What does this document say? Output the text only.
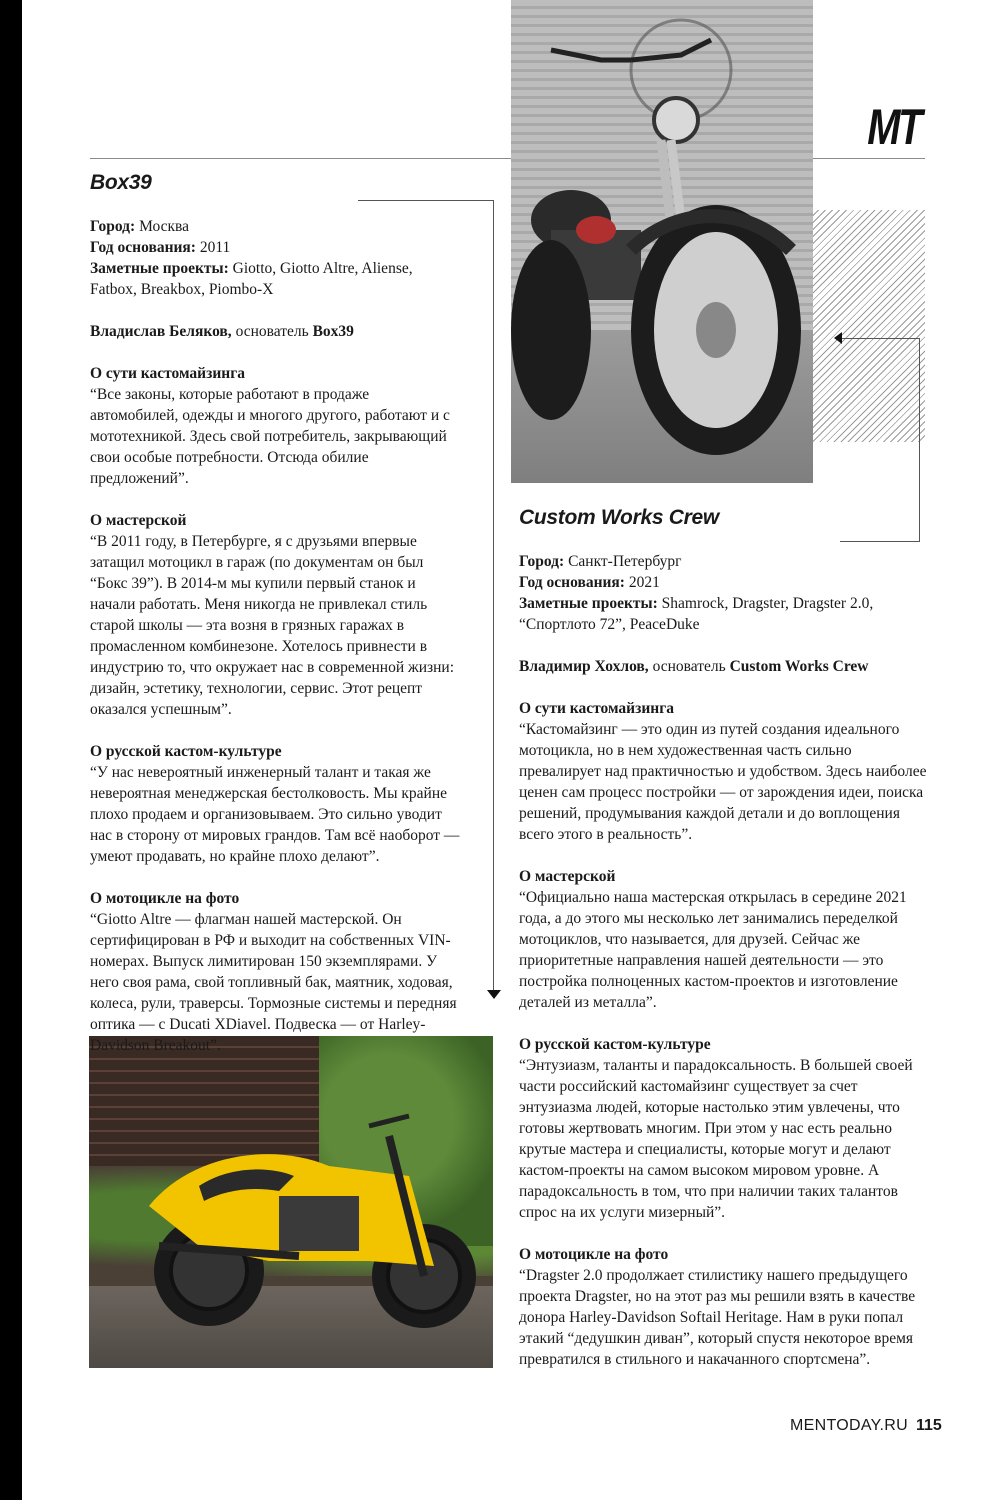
MT
Box39

Город: Москва

Год основания: 2011

Заметные проекты: Giotto, Giotto Altre, Aliense, Fatbox, Breakbox, Piombo-X

Владислав Беляков, основатель Box39

О сути кастомайзинга

“Все законы, которые работают в продаже автомобилей, одежды и многого другого, работают и с мототехникой. Здесь свой потребитель, закрывающий свои особые потребности. Отсюда обилие предложений”.

О мастерской

“В 2011 году, в Петербурге, я с друзьями впервые затащил мотоцикл в гараж (по документам он был “Бокс 39”). В 2014-м мы купили первый станок и начали работать. Меня никогда не привлекал стиль старой школы — эта возня в грязных гаражах в промасленном комбинезоне. Хотелось привнести в индустрию то, что окружает нас в современной жизни: дизайн, эстетику, технологии, сервис. Этот рецепт оказался успешным”.

О русской кастом-культуре

“У нас невероятный инженерный талант и такая же невероятная менеджерская бестолковость. Мы крайне плохо продаем и организовываем. Это сильно уводит нас в сторону от мировых грандов. Там всё наоборот — умеют продавать, но крайне плохо делают”.

О мотоцикле на фото

“Giotto Altre — флагман нашей мастерской. Он сертифицирован в РФ и выходит на собственных VIN-номерах. Выпуск лимитирован 150 экземплярами. У него своя рама, свой топливный бак, маятник, ходовая, колеса, рули, траверсы. Тормозные системы и передняя оптика — с Ducati XDiavel. Подвеска — от Harley-Davidson Breakout”.

Custom Works Crew

Город: Санкт-Петербург

Год основания: 2021

Заметные проекты: Shamrock, Dragster, Dragster 2.0, “Спортлото 72”, PeaceDuke

Владимир Хохлов, основатель Custom Works Crew

О сути кастомайзинга

“Кастомайзинг — это один из путей создания идеального мотоцикла, но в нем художественная часть сильно превалирует над практичностью и удобством. Здесь наиболее ценен сам процесс постройки — от зарождения идеи, поиска решений, продумывания каждой детали и до воплощения всего этого в реальность”.

О мастерской

“Официально наша мастерская открылась в середине 2021 года, а до этого мы несколько лет занимались переделкой мотоциклов, что называется, для друзей. Сейчас же приоритетные направления нашей деятельности — это постройка полноценных кастом-проектов и изготовление деталей из металла”.

О русской кастом-культуре

“Энтузиазм, таланты и парадоксальность. В большей своей части российский кастомайзинг существует за счет энтузиазма людей, которые настолько этим увлечены, что готовы жертвовать многим. При этом у нас есть реально крутые мастера и специалисты, которые могут и делают кастом-проекты на самом высоком мировом уровне. А парадоксальность в том, что при наличии таких талантов спрос на их услуги мизерный”.

О мотоцикле на фото

“Dragster 2.0 продолжает стилистику нашего предыдущего проекта Dragster, но на этот раз мы решили взять в качестве донора Harley-Davidson Softail Heritage. Нам в руки попал этакий “дедушкин диван”, который спустя некоторое время превратился в стильного и накачанного спортсмена”.

MENTODAY.RU 115
